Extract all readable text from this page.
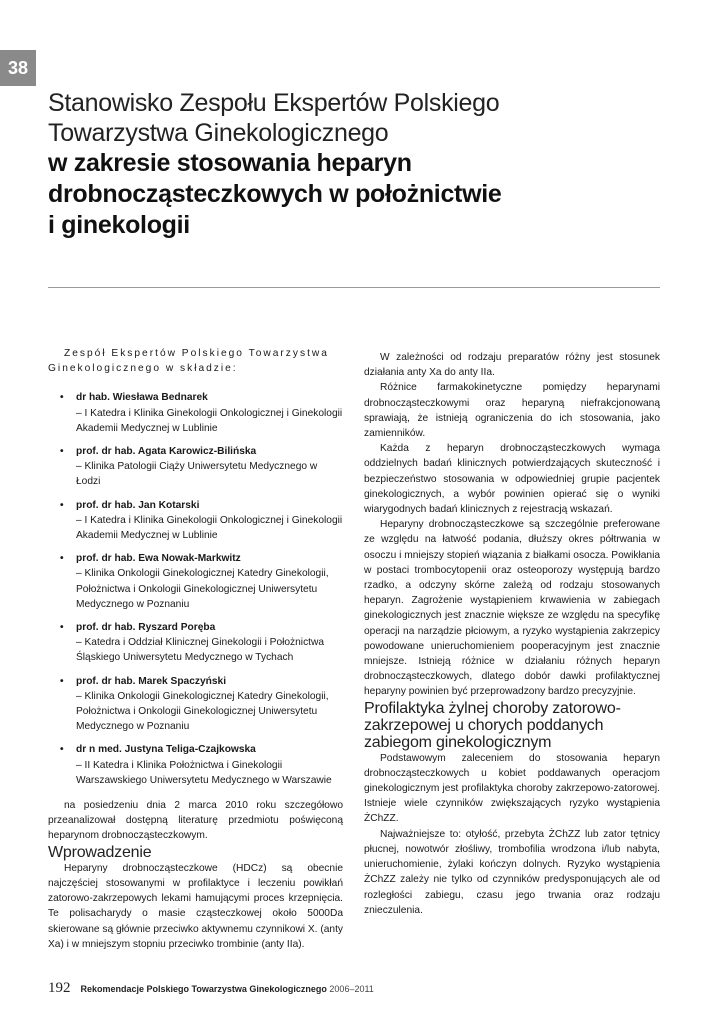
38

Stanowisko Zespołu Ekspertów Polskiego

Towarzystwa Ginekologicznego

w zakresie stosowania heparyn

drobnocząsteczkowych w położnictwie

i ginekologii

Zespół Ekspertów Polskiego Towarzystwa Ginekologicznego w składzie:

• dr hab. Wiesława Bednarek
– I Katedra i Klinika Ginekologii Onkologicznej i Ginekologii Akademii Medycznej w Lublinie
• prof. dr hab. Agata Karowicz-Bilińska
– Klinika Patologii Ciąży Uniwersytetu Medycznego w Łodzi
• prof. dr hab. Jan Kotarski
– I Katedra i Klinika Ginekologii Onkologicznej i Ginekologii Akademii Medycznej w Lublinie
• prof. dr hab. Ewa Nowak-Markwitz
– Klinika Onkologii Ginekologicznej Katedry Ginekologii, Położnictwa i Onkologii Ginekologicznej Uniwersytetu Medycznego w Poznaniu
• prof. dr hab. Ryszard Poręba
– Katedra i Oddział Klinicznej Ginekologii i Położnictwa Śląskiego Uniwersytetu Medycznego w Tychach
• prof. dr hab. Marek Spaczyński
– Klinika Onkologii Ginekologicznej Katedry Ginekologii, Położnictwa i Onkologii Ginekologicznej Uniwersytetu Medycznego w Poznaniu
• dr n med. Justyna Teliga-Czajkowska
– II Katedra i Klinika Położnictwa i Ginekologii Warszawskiego Uniwersytetu Medycznego w Warszawie

na posiedzeniu dnia 2 marca 2010 roku szczegółowo przeanalizował dostępną literaturę przedmiotu poświęconą heparynom drobnocząsteczkowym.

Wprowadzenie

Heparyny drobnocząsteczkowe (HDCz) są obecnie najczęściej stosowanymi w profilaktyce i leczeniu powikłań zatorowo-zakrzepowych lekami hamującymi proces krzepnięcia. Te polisacharydy o masie cząsteczkowej około 5000Da skierowane są głównie przeciwko aktywnemu czynnikowi X. (anty Xa) i w mniejszym stopniu przeciwko trombinie (anty IIa).

W zależności od rodzaju preparatów różny jest stosunek działania anty Xa do anty IIa.

Różnice farmakokinetyczne pomiędzy heparynami drobnocząsteczkowymi oraz heparyną niefrakcjonowaną sprawiają, że istnieją ograniczenia do ich stosowania, jako zamienników.

Każda z heparyn drobnocząsteczkowych wymaga oddzielnych badań klinicznych potwierdzających skuteczność i bezpieczeństwo stosowania w odpowiedniej grupie pacjentek ginekologicznych, a wybór powinien opierać się o wyniki wiarygodnych badań klinicznych z rejestracją wskazań.

Heparyny drobnocząsteczkowe są szczególnie preferowane ze względu na łatwość podania, dłuższy okres półtrwania w osoczu i mniejszy stopień wiązania z białkami osocza. Powikłania w postaci trombocytopenii oraz osteoporozy występują bardzo rzadko, a odczyny skórne zależą od rodzaju stosowanych heparyn. Zagrożenie wystąpieniem krwawienia w zabiegach ginekologicznych jest znacznie większe ze względu na specyfikę operacji na narządzie płciowym, a ryzyko wystąpienia zakrzepicy powodowane unieruchomieniem pooperacyjnym jest znacznie mniejsze. Istnieją różnice w działaniu różnych heparyn drobnocząsteczkowych, dlatego dobór dawki profilaktycznej heparyny powinien być przeprowadzony bardzo precyzyjnie.

Profilaktyka żylnej choroby zatorowo-zakrzepowej u chorych poddanych zabiegom ginekologicznym

Podstawowym zaleceniem do stosowania heparyn drobnocząsteczkowych u kobiet poddawanych operacjom ginekologicznym jest profilaktyka choroby zakrzepowo-zatorowej. Istnieje wiele czynników zwiększających ryzyko wystąpienia ŻChZZ.

Najważniejsze to: otyłość, przebyta ŻChZZ lub zator tętnicy płucnej, nowotwór złośliwy, trombofilia wrodzona i/lub nabyta, unieruchomienie, żylaki kończyn dolnych. Ryzyko wystąpienia ŻChZZ zależy nie tylko od czynników predysponujących ale od rozległości zabiegu, czasu jego trwania oraz rodzaju znieczulenia.

192 Rekomendacje Polskiego Towarzystwa Ginekologicznego 2006–2011
